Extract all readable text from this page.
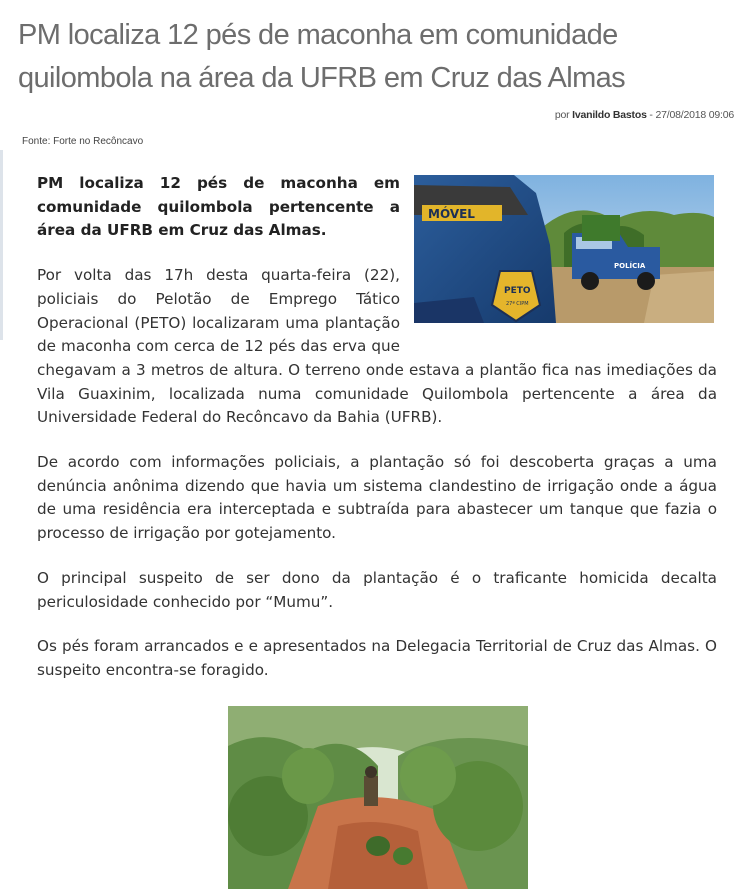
PM localiza 12 pés de maconha em comunidade quilombola na área da UFRB em Cruz das Almas
por Ivanildo Bastos - 27/08/2018 09:06
Fonte: Forte no Recôncavo
POLÍCIA
MÓVEL
PETO
27ª CIPM

PM localiza 12 pés de maconha em comunidade quilombola pertencente a área da UFRB em Cruz das Almas.

Por volta das 17h desta quarta-feira (22), policiais do Pelotão de Emprego Tático Operacional (PETO) localizaram uma plantação de maconha com cerca de 12 pés das erva que chegavam a 3 metros de altura. O terreno onde estava a plantão fica nas imediações da Vila Guaxinim, localizada numa comunidade Quilombola pertencente a área da Universidade Federal do Recôncavo da Bahia (UFRB).

De acordo com informações policiais, a plantação só foi descoberta graças a uma denúncia anônima dizendo que havia um sistema clandestino de irrigação onde a água de uma residência era interceptada e subtraída para abastecer um tanque que fazia o processo de irrigação por gotejamento.

O principal suspeito de ser dono da plantação é o traficante homicida decalta periculosidade conhecido por “Mumu”.

Os pés foram arrancados e e apresentados na Delegacia Territorial de Cruz das Almas. O suspeito encontra-se foragido.
